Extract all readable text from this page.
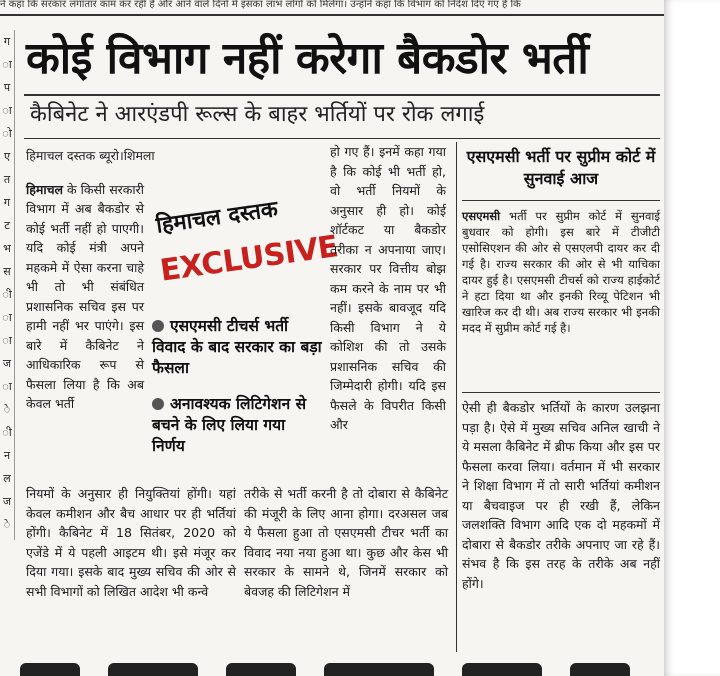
ने कहा कि सरकार लगातार काम कर रही है और आने वाले दिनों में इसका लाभ लोगों को मिलेगा। उन्होंने कहा कि विभाग को निर्देश दिए गए हैं कि
ग
ा
प
ा
ो
ए
त
ग
ट
भ
स
ी
ा
ा
ज
ा
े
ी
न
ल
ज
े
कोई विभाग नहीं करेगा बैकडोर भर्ती
कैबिनेट ने आरएंडपी रूल्स के बाहर भर्तियों पर रोक लगाई

हिमाचल दस्तक ब्यूरो।शिमला

हिमाचल के किसी सरकारी विभाग में अब बैकडोर से कोई भर्ती नहीं हो पाएगी। यदि कोई मंत्री अपने महकमे में ऐसा करना चाहे भी तो भी संबंधित प्रशासनिक सचिव इस पर हामी नहीं भर पाएंगे। इस बारे में कैबिनेट ने आधिकारिक रूप से फैसला लिया है कि अब केवल भर्ती

नियमों के अनुसार ही नियुक्तियां होंगी। यहां केवल कमीशन और बैच आधार पर ही भर्तियां होंगी। कैबिनेट में 18 सितंबर, 2020 को एजेंडे में ये पहली आइटम थी। इसे मंजूर कर दिया गया। इसके बाद मुख्य सचिव की ओर से सभी विभागों को लिखित आदेश भी कन्वे

हिमाचल दस्तक
EXCLUSIVE
एसएमसी टीचर्स भर्ती विवाद के बाद सरकार का बड़ा फैसला
अनावश्यक लिटिगेशन से बचने के लिए लिया गया निर्णय

हो गए हैं। इनमें कहा गया है कि कोई भी भर्ती हो, वो भर्ती नियमों के अनुसार ही हो। कोई शॉर्टकट या बैकडोर तरीका न अपनाया जाए। सरकार पर वित्तीय बोझ कम करने के नाम पर भी नहीं। इसके बावजूद यदि किसी विभाग ने ये कोशिश की तो उसके प्रशासनिक सचिव की जिम्मेदारी होगी। यदि इस फैसले के विपरीत किसी और

तरीके से भर्ती करनी है तो दोबारा से कैबिनेट की मंजूरी के लिए आना होगा। दरअसल जब ये फैसला हुआ तो एसएमसी टीचर भर्ती का विवाद नया नया हुआ था। कुछ और केस भी सरकार के सामने थे, जिनमें सरकार को बेवजह की लिटिगेशन में

एसएमसी भर्ती पर सुप्रीम कोर्ट में सुनवाई आज
एसएमसी भर्ती पर सुप्रीम कोर्ट में सुनवाई बुधवार को होगी। इस बारे में टीजीटी एसोसिएशन की ओर से एसएलपी दायर कर दी गई है। राज्य सरकार की ओर से भी याचिका दायर हुई है। एसएमसी टीचर्स को राज्य हाईकोर्ट ने हटा दिया था और इनकी रिव्यू पेटिशन भी खारिज कर दी थी। अब राज्य सरकार भी इनकी मदद में सुप्रीम कोर्ट गई है।

ऐसी ही बैकडोर भर्तियों के कारण उलझना पड़ा है। ऐसे में मुख्य सचिव अनिल खाची ने ये मसला कैबिनेट में ब्रीफ किया और इस पर फैसला करवा लिया। वर्तमान में भी सरकार ने शिक्षा विभाग में तो सारी भर्तियां कमीशन या बैचवाइज पर ही रखी हैं, लेकिन जलशक्ति विभाग आदि एक दो महकमों में दोबारा से बैकडोर तरीके अपनाए जा रहे हैं। संभव है कि इस तरह के तरीके अब नहीं होंगे।
